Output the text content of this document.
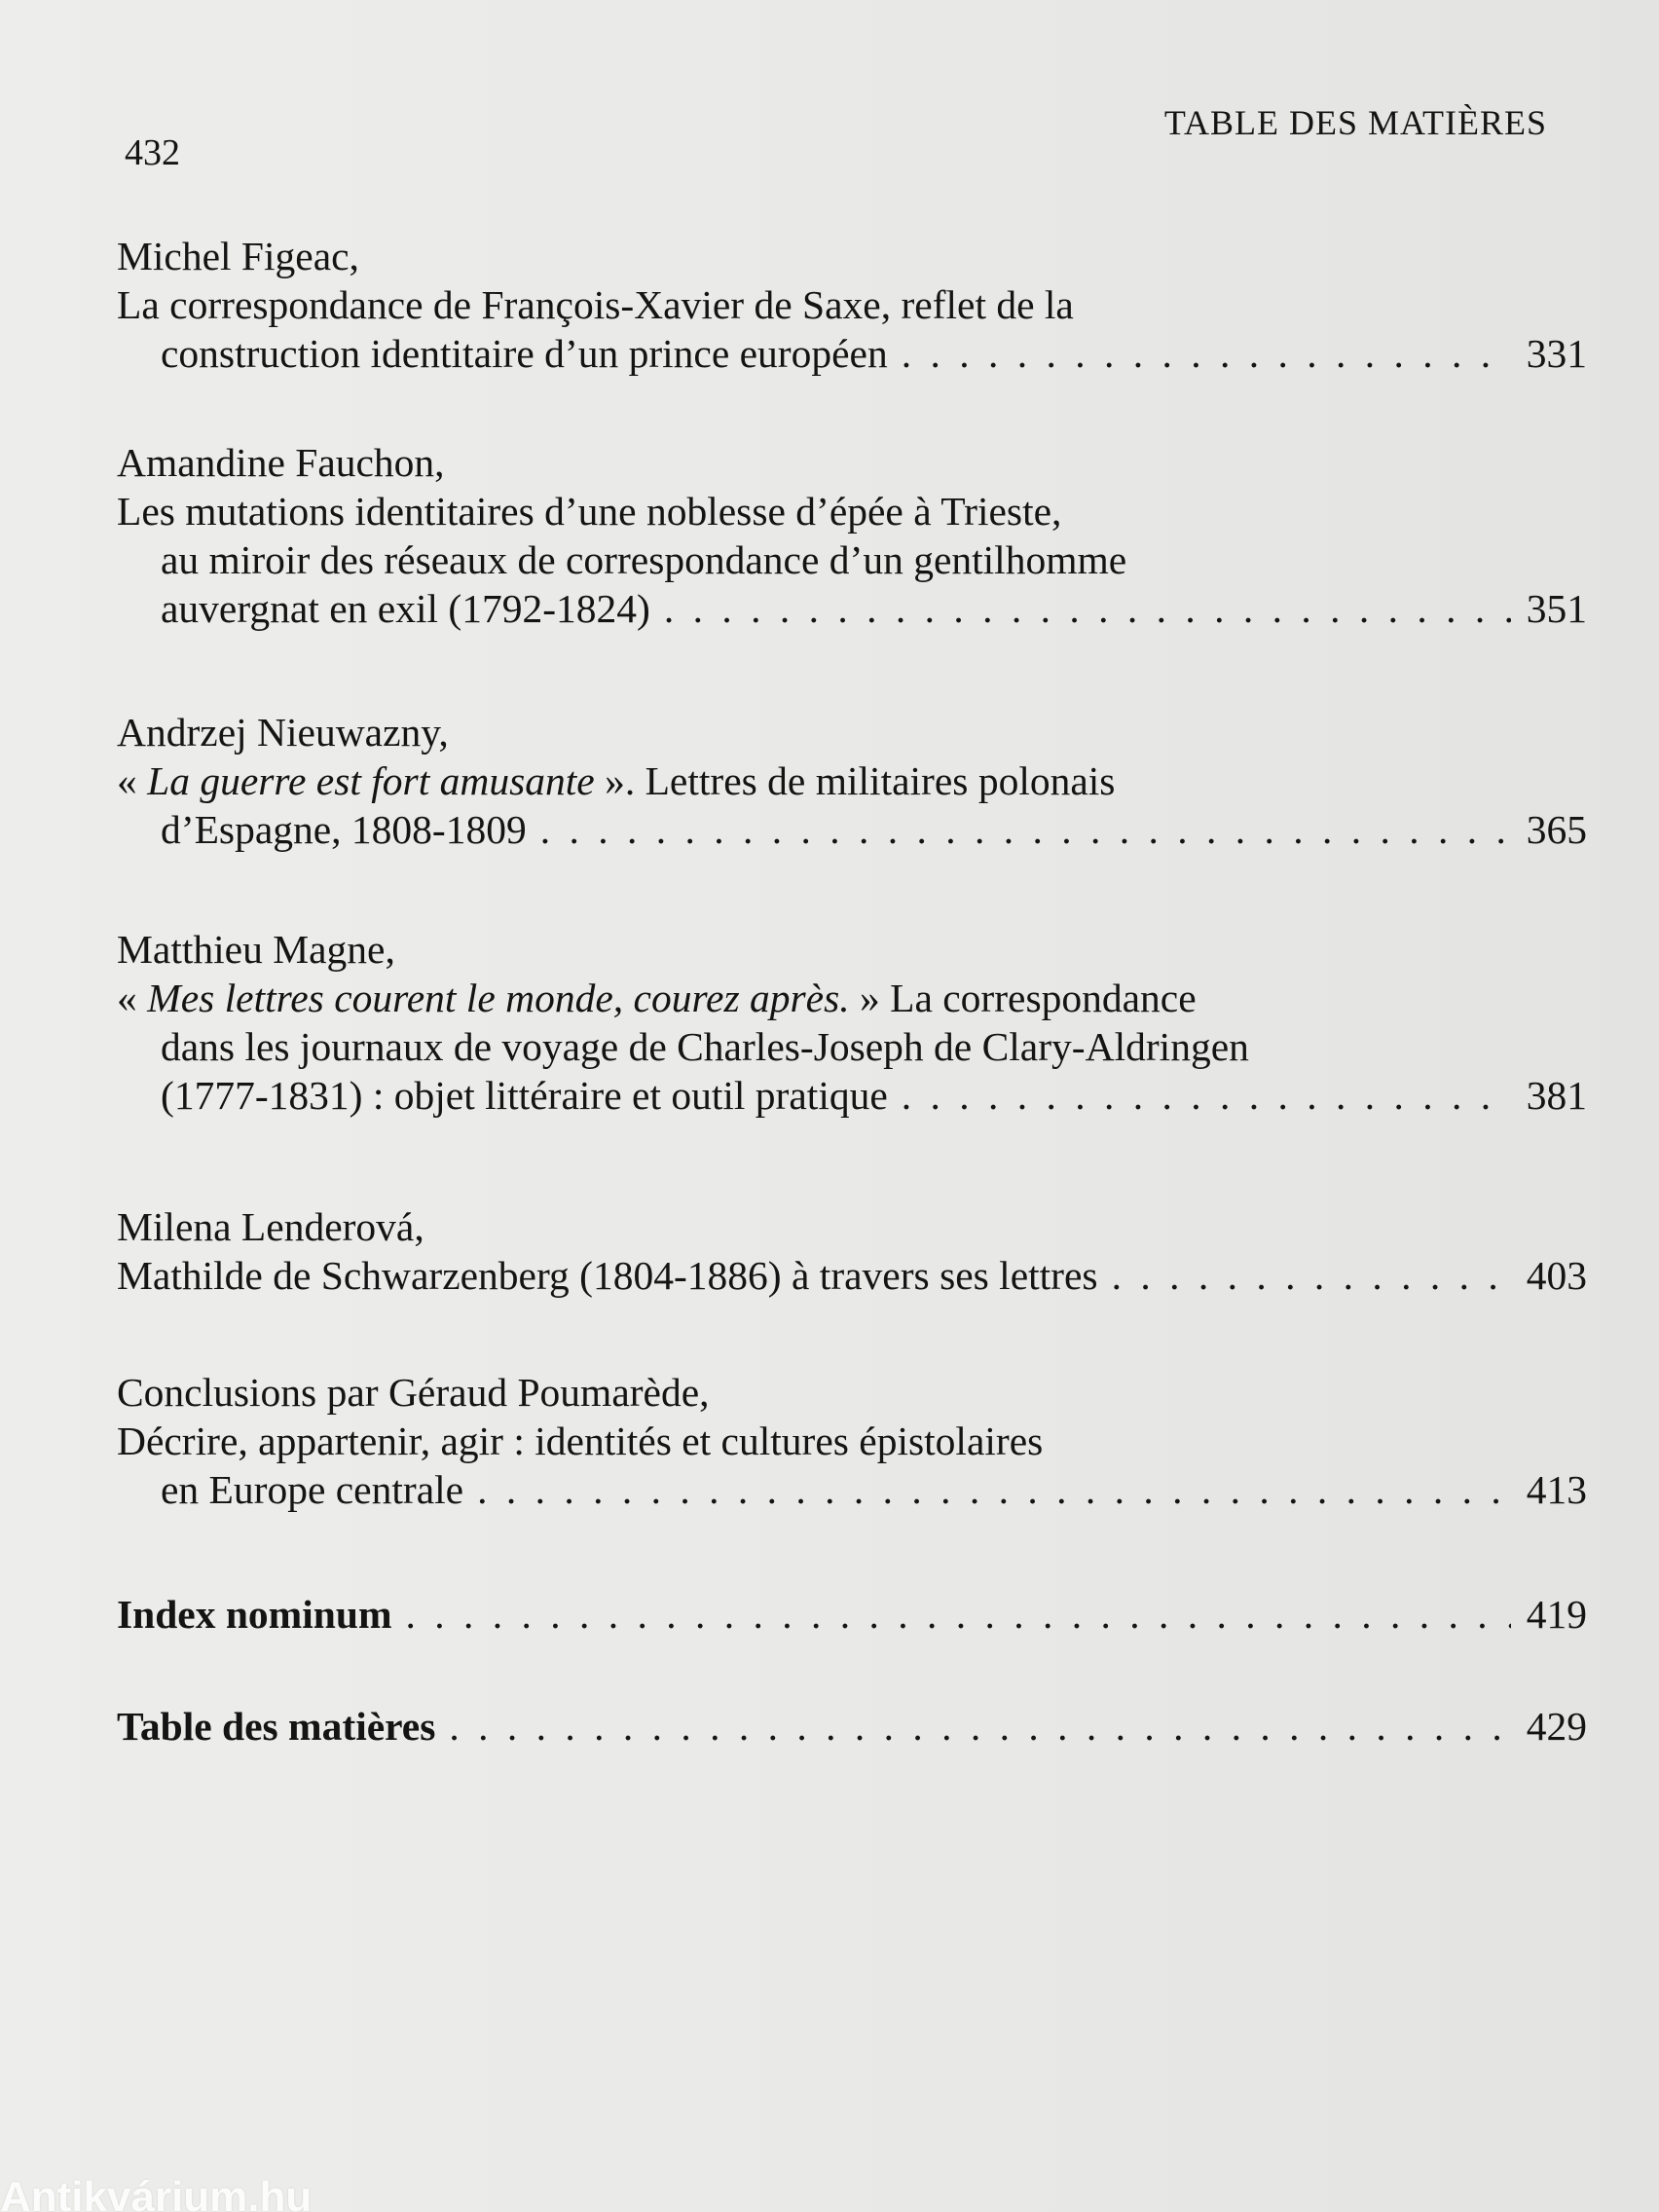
432
TABLE DES MATIÈRES
Michel Figeac,
La correspondance de François-Xavier de Saxe, reflet de la
construction identitaire d’un prince européen . . .	331
Amandine Fauchon,
Les mutations identitaires d’une noblesse d’épée à Trieste,
au miroir des réseaux de correspondance d’un gentilhomme
auvergnat en exil (1792-1824) . . .	351
Andrzej Nieuwazny,
« La guerre est fort amusante ». Lettres de militaires polonais
d’Espagne, 1808-1809 . . .	365
Matthieu Magne,
« Mes lettres courent le monde, courez après. » La correspondance
dans les journaux de voyage de Charles-Joseph de Clary-Aldringen
(1777-1831) : objet littéraire et outil pratique . . .	381
Milena Lenderová,
Mathilde de Schwarzenberg (1804-1886) à travers ses lettres . . .	403
Conclusions par Géraud Poumarède,
Décrire, appartenir, agir : identités et cultures épistolaires
en Europe centrale . . .	413
Index nominum . . .	419
Table des matières . . .	429
Antikvárium.hu
